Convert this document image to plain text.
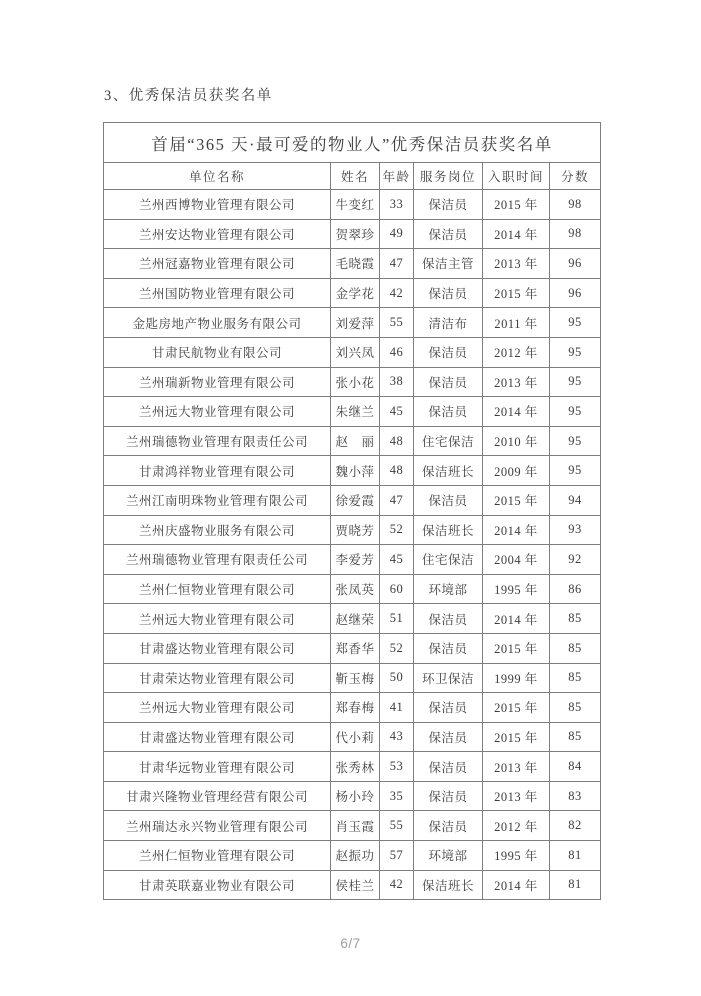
3、优秀保洁员获奖名单
首届“365 天·最可爱的物业人”优秀保洁员获奖名单					
单位名称	姓名	年龄	服务岗位	入职时间	分数
兰州西博物业管理有限公司	牛变红	33	保洁员	2015 年	98
兰州安达物业管理有限公司	贺翠珍	49	保洁员	2014 年	98
兰州冠嘉物业管理有限公司	毛晓霞	47	保洁主管	2013 年	96
兰州国防物业管理有限公司	金学花	42	保洁员	2015 年	96
金匙房地产物业服务有限公司	刘爱萍	55	清洁布	2011 年	95
甘肃民航物业有限公司	刘兴凤	46	保洁员	2012 年	95
兰州瑞新物业管理有限公司	张小花	38	保洁员	2013 年	95
兰州远大物业管理有限公司	朱继兰	45	保洁员	2014 年	95
兰州瑞德物业管理有限责任公司	赵　丽	48	住宅保洁	2010 年	95
甘肃鸿祥物业管理有限公司	魏小萍	48	保洁班长	2009 年	95
兰州江南明珠物业管理有限公司	徐爱霞	47	保洁员	2015 年	94
兰州庆盛物业服务有限公司	贾晓芳	52	保洁班长	2014 年	93
兰州瑞德物业管理有限责任公司	李爱芳	45	住宅保洁	2004 年	92
兰州仁恒物业管理有限公司	张凤英	60	环境部	1995 年	86
兰州远大物业管理有限公司	赵继荣	51	保洁员	2014 年	85
甘肃盛达物业管理有限公司	郑香华	52	保洁员	2015 年	85
甘肃荣达物业管理有限公司	靳玉梅	50	环卫保洁	1999 年	85
兰州远大物业管理有限公司	郑春梅	41	保洁员	2015 年	85
甘肃盛达物业管理有限公司	代小莉	43	保洁员	2015 年	85
甘肃华远物业管理有限公司	张秀林	53	保洁员	2013 年	84
甘肃兴隆物业管理经营有限公司	杨小玲	35	保洁员	2013 年	83
兰州瑞达永兴物业管理有限公司	肖玉霞	55	保洁员	2012 年	82
兰州仁恒物业管理有限公司	赵振功	57	环境部	1995 年	81
甘肃英联嘉业物业有限公司	侯桂兰	42	保洁班长	2014 年	81
6/7
